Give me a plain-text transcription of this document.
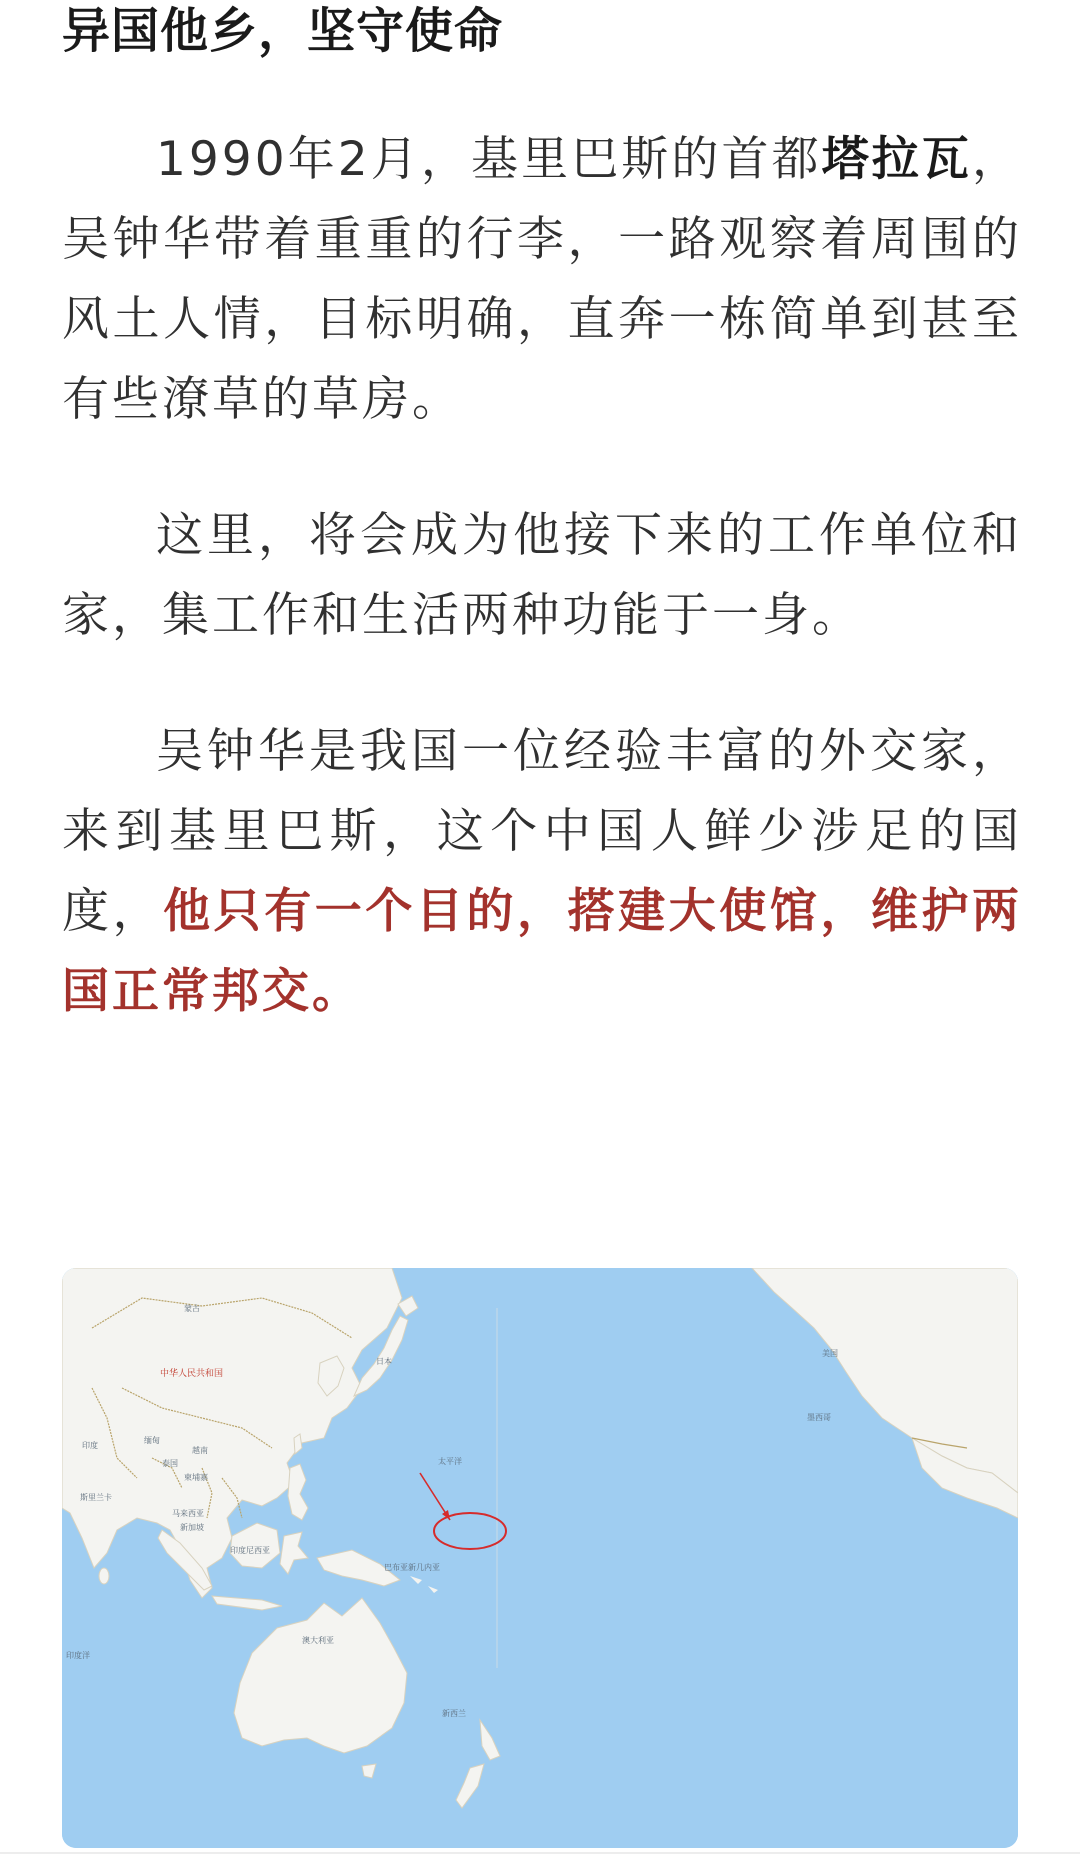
异国他乡，坚守使命

1990年2月，基里巴斯的首都塔拉瓦，吴钟华带着重重的行李，一路观察着周围的风土人情，目标明确，直奔一栋简单到甚至有些潦草的草房。

这里，将会成为他接下来的工作单位和家，集工作和生活两种功能于一身。

吴钟华是我国一位经验丰富的外交家，来到基里巴斯，这个中国人鲜少涉足的国度，他只有一个目的，搭建大使馆，维护两国正常邦交。

蒙古
中华人民共和国
日本
印度
缅甸
泰国
越南
柬埔寨
斯里兰卡
马来西亚
新加坡
印度尼西亚
巴布亚新几内亚
澳大利亚
新西兰
太平洋
印度洋
美国
墨西哥
